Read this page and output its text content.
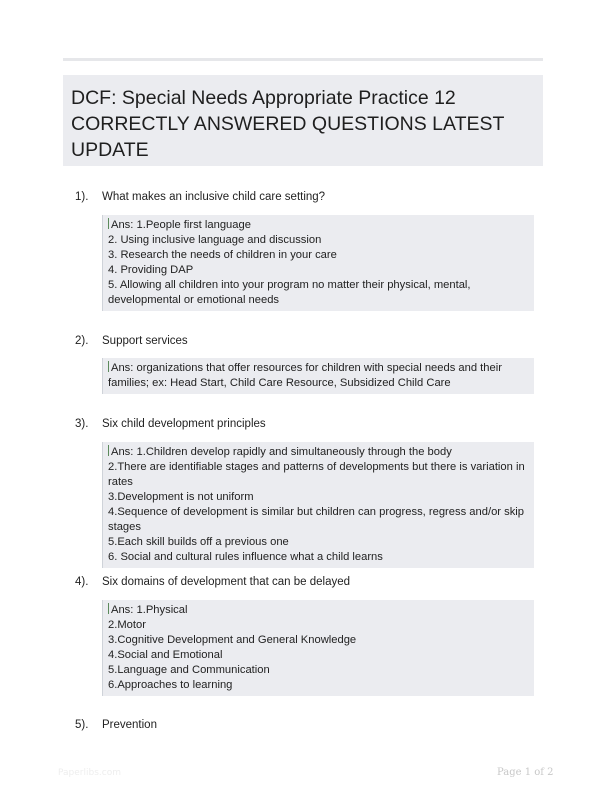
DCF: Special Needs Appropriate Practice 12 CORRECTLY ANSWERED QUESTIONS LATEST UPDATE
1). What makes an inclusive child care setting?
Ans: 1.People first language
2. Using inclusive language and discussion
3. Research the needs of children in your care
4. Providing DAP
5. Allowing all children into your program no matter their physical, mental, developmental or emotional needs
2). Support services
Ans: organizations that offer resources for children with special needs and their families; ex: Head Start, Child Care Resource, Subsidized Child Care
3). Six child development principles
Ans: 1.Children develop rapidly and simultaneously through the body
2.There are identifiable stages and patterns of developments but there is variation in rates
3.Development is not uniform
4.Sequence of development is similar but children can progress, regress and/or skip stages
5.Each skill builds off a previous one
6. Social and cultural rules influence what a child learns
4). Six domains of development that can be delayed
Ans: 1.Physical
2.Motor
3.Cognitive Development and General Knowledge
4.Social and Emotional
5.Language and Communication
6.Approaches to learning
5). Prevention
Paperlibs.com	Page 1 of 2
